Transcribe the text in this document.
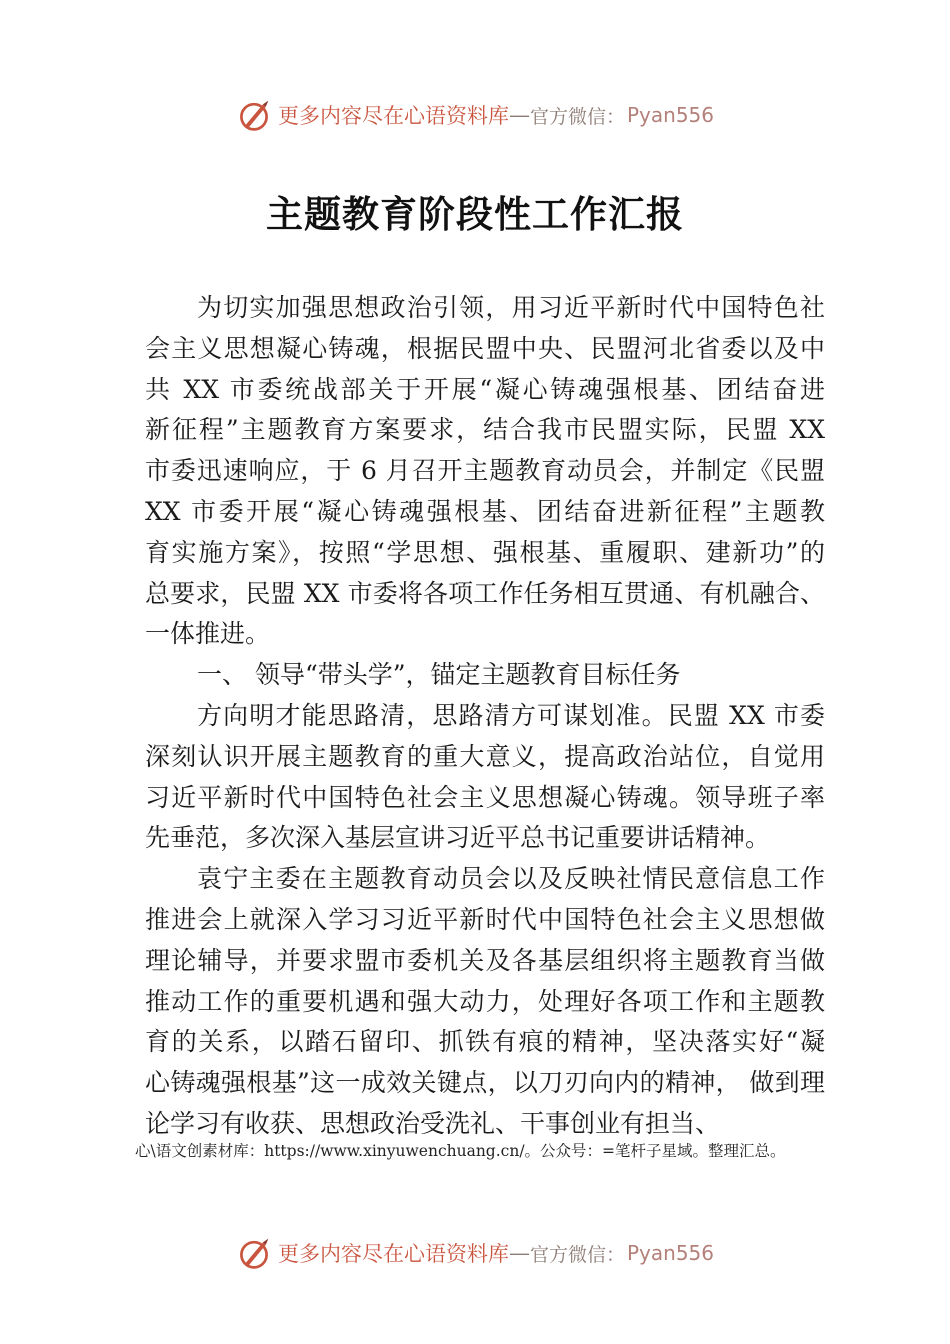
更多内容尽在心语资料库 — 官方微信： Pyan556
主题教育阶段性工作汇报
为切实加强思想政治引领，用习近平新时代中国特色社
会主义思想凝心铸魂，根据民盟中央、民盟河北省委以及中
共 XX 市委统战部关于开展“凝心铸魂强根基、团结奋进
新征程”主题教育方案要求，结合我市民盟实际，民盟 XX
市委迅速响应，于 6 月召开主题教育动员会，并制定《民盟
XX 市委开展“凝心铸魂强根基、团结奋进新征程”主题教
育实施方案》，按照“学思想、强根基、重履职、建新功”的
总要求，民盟 XX 市委将各项工作任务相互贯通、有机融合、
一体推进。
一、 领导“带头学”，锚定主题教育目标任务
方向明才能思路清，思路清方可谋划准。民盟 XX 市委
深刻认识开展主题教育的重大意义，提高政治站位，自觉用
习近平新时代中国特色社会主义思想凝心铸魂。领导班子率
先垂范，多次深入基层宣讲习近平总书记重要讲话精神。
袁宁主委在主题教育动员会以及反映社情民意信息工作
推进会上就深入学习习近平新时代中国特色社会主义思想做
理论辅导，并要求盟市委机关及各基层组织将主题教育当做
推动工作的重要机遇和强大动力，处理好各项工作和主题教
育的关系，以踏石留印、抓铁有痕的精神，坚决落实好“凝
心铸魂强根基”这一成效关键点，以刀刃向内的精神， 做到理
论学习有收获、思想政治受洗礼、干事创业有担当、
心\语文创素材库：https://www.xinyuwenchuang.cn/。公众号：=笔杆子星域。整理汇总。
更多内容尽在心语资料库 — 官方微信： Pyan556
